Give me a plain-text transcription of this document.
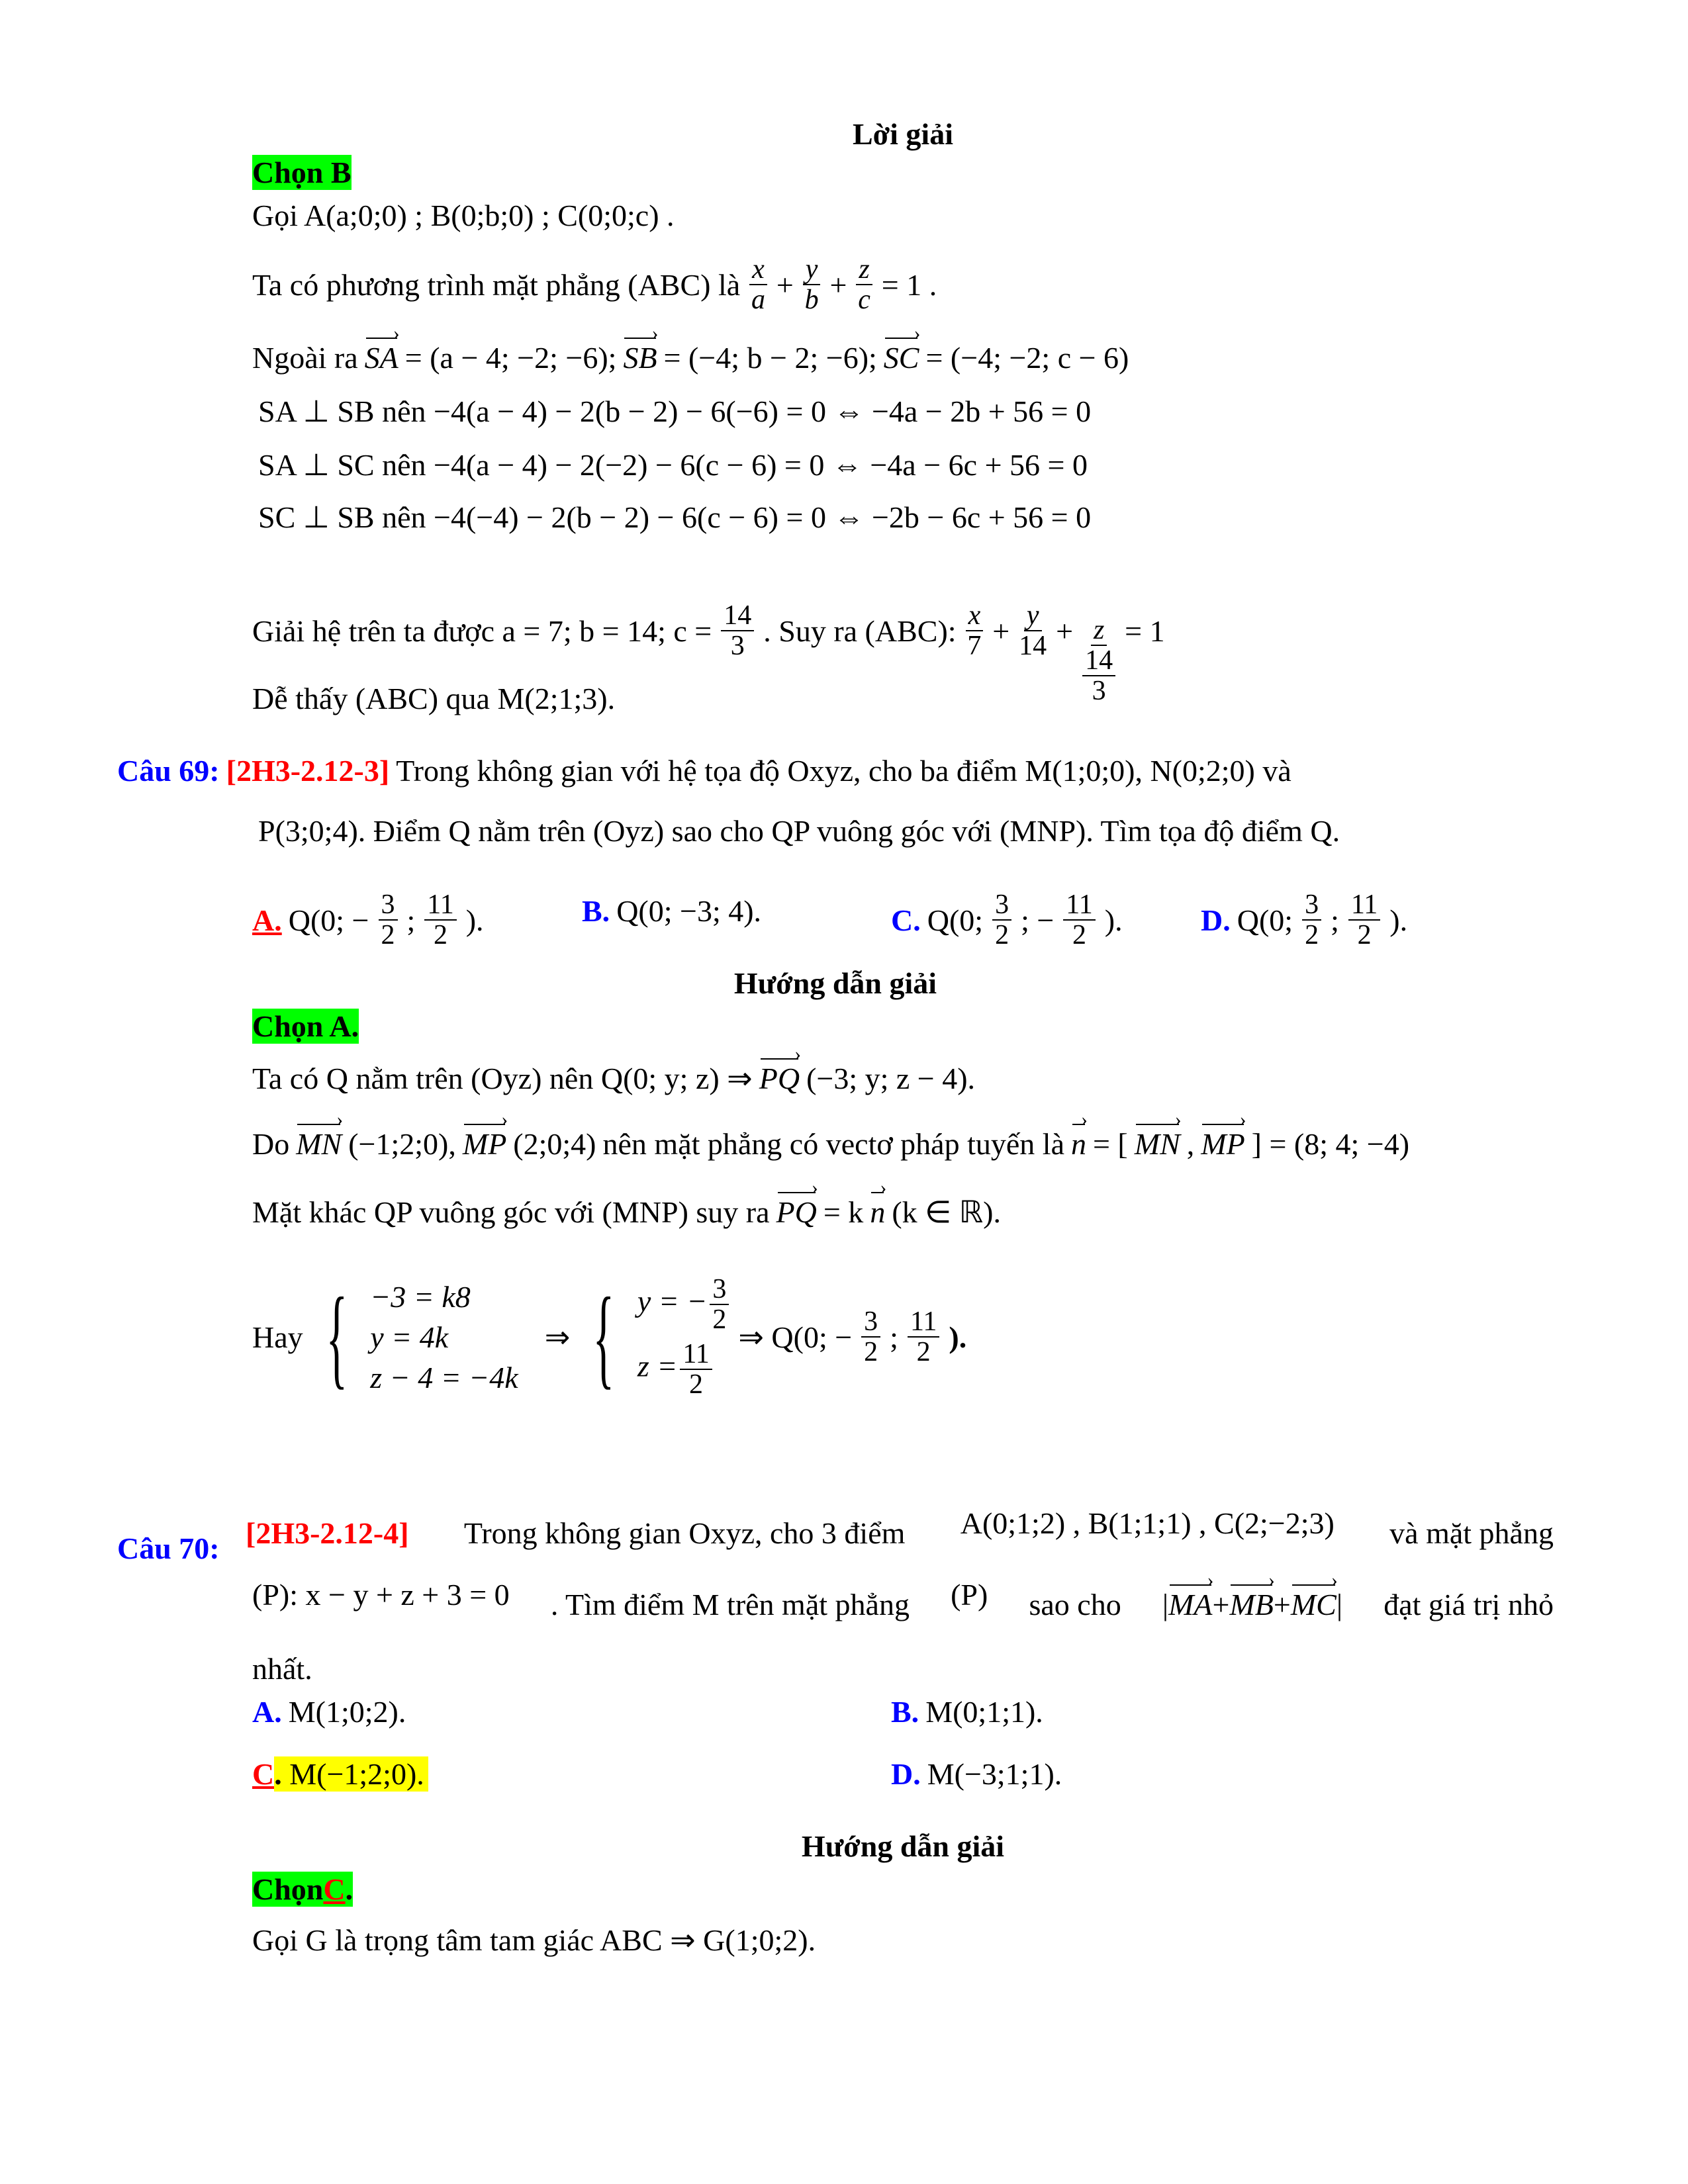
Lời giải
Chọn B
Gọi A(a;0;0) ; B(0;b;0) ; C(0;0;c) .
Ta có phương trình mặt phẳng (ABC) là $\frac{x}{a} + \frac{y}{b} + \frac{z}{c} = 1$ .
Ngoài ra SA › = (a − 4; −2; −6); SB › = (−4; b − 2; −6); SC › = (−4; −2; c − 6)
SA ⊥ SB nên −4(a − 4) − 2(b − 2) − 6(−6) = 0 ⇔ −4a − 2b + 56 = 0
SA ⊥ SC nên −4(a − 4) − 2(−2) − 6(c − 6) = 0 ⇔ −4a − 6c + 56 = 0
SC ⊥ SB nên −4(−4) − 2(b − 2) − 6(c − 6) = 0 ⇔ −2b − 6c + 56 = 0
Giải hệ trên ta được a = 7; b = 14; $c = \frac{14}{3}$ . Suy ra (ABC): $\frac{x}{7} + \frac{y}{14} + z$
14
3
= 1
Dễ thấy (ABC) qua M(2;1;3).
Câu 69: [2H3-2.12-3] Trong không gian với hệ tọa độ Oxyz, cho ba điểm M(1;0;0), N(0;2;0) và
P(3;0;4). Điểm Q nằm trên (Oyz) sao cho QP vuông góc với (MNP). Tìm tọa độ điểm Q.
A. Q(0; − $\frac{3}{2}$ ; $\frac{11}{2}$ ).	B. Q(0; −3; 4).	C. Q(0; $\frac{3}{2}$ ; − $\frac{11}{2}$ ).	D. Q(0; $\frac{3}{2}$ ; $\frac{11}{2}$ ).
Hướng dẫn giải
Chọn A.
Ta có Q nằm trên (Oyz) nên Q(0; y; z) ⇒ PQ › (−3; y; z − 4).
Do MN › (−1;2;0), MP › (2;0;4) nên mặt phẳng có vectơ pháp tuyến là n › = [ MN › , MP › ] = (8; 4; −4)
Mặt khác QP vuông góc với (MNP) suy ra PQ › = k n › (k ∈ ℝ).
Hay { −3 = k8
y = 4k
z − 4 = −4k
⇒ { y = − $\frac{3}{2}$
$z = \frac{11}{2}$
⇒ Q(0; − $\frac{3}{2}$ ; $\frac{11}{2}$ ).
Câu 70: [2H3-2.12-4] Trong không gian Oxyz, cho 3 điểm A(0;1;2) , B(1;1;1) , C(2;−2;3) và mặt phẳng
(P): x − y + z + 3 = 0 . Tìm điểm M trên mặt phẳng (P) sao cho |MA ›+MB ›+MC ›| đạt giá trị nhỏ
nhất.
A. M(1;0;2).	B. M(0;1;1).
C . M(−1;2;0).	D. M(−3;1;1).
Hướng dẫn giải
Chọn C .
Gọi G là trọng tâm tam giác ABC ⇒ G(1;0;2).
